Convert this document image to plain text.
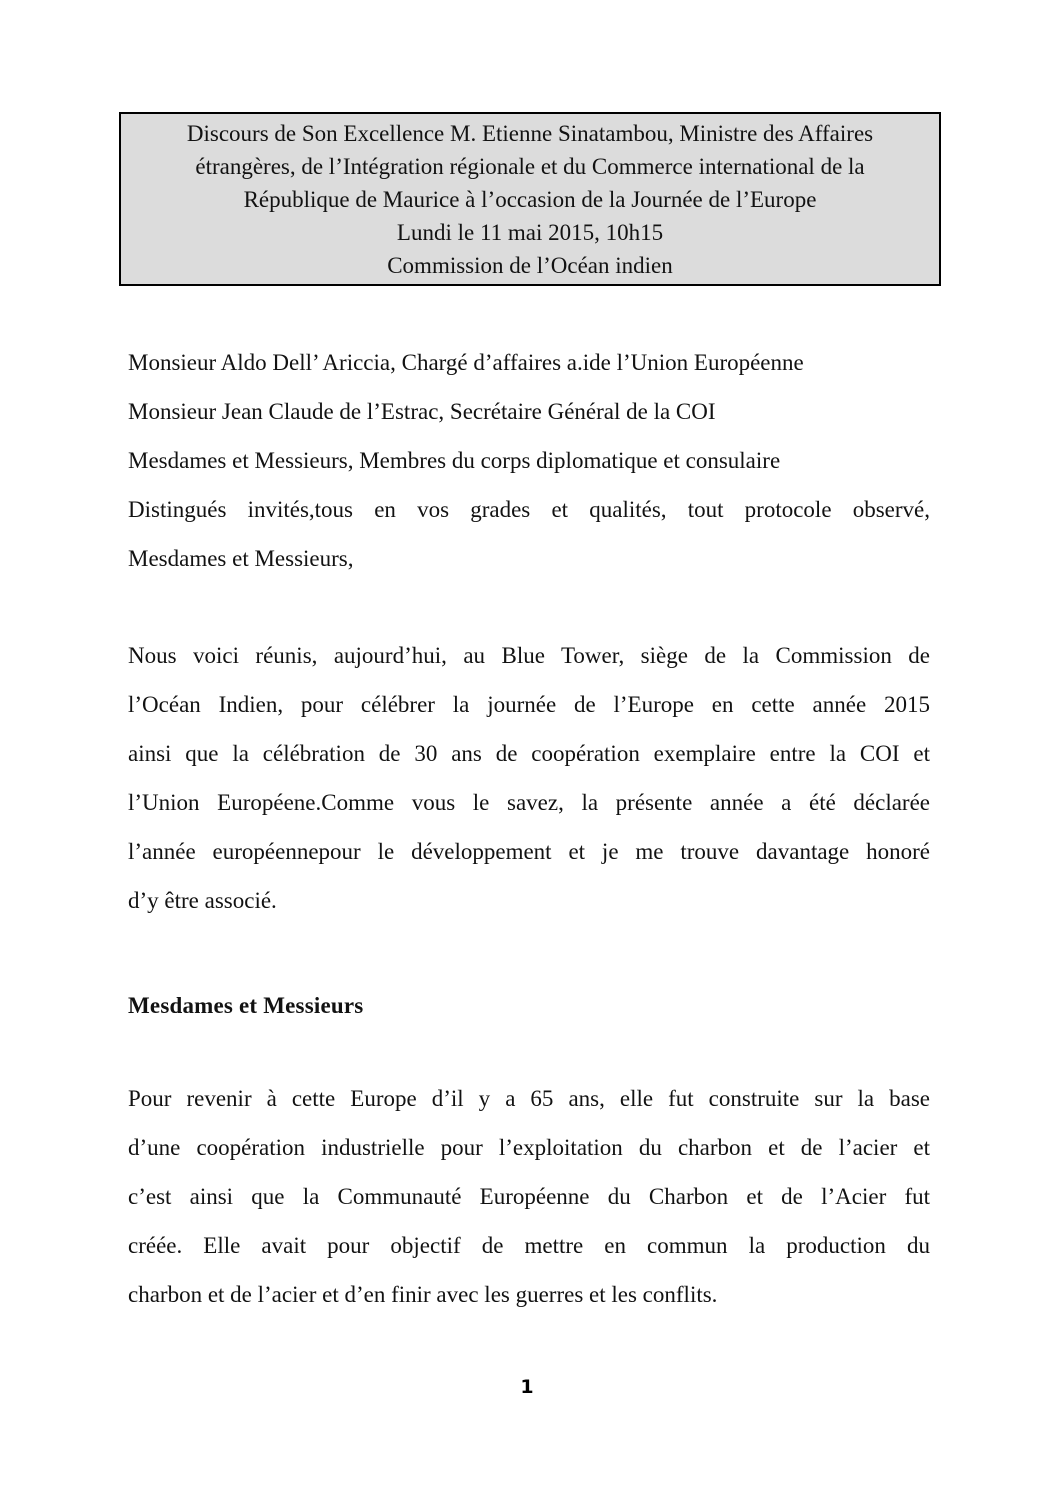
Discours de Son Excellence M. Etienne Sinatambou, Ministre des Affaires
étrangères, de l’Intégration régionale et du Commerce international de la
République de Maurice à l’occasion de la Journée de l’Europe
Lundi le 11 mai 2015, 10h15
Commission de l’Océan indien
Monsieur Aldo Dell’ Ariccia, Chargé d’affaires a.ide l’Union Européenne
Monsieur Jean Claude de l’Estrac, Secrétaire Général de la COI
Mesdames et Messieurs, Membres du corps diplomatique et consulaire
Distingués invités,tous en vos grades et qualités, tout protocole observé,
Mesdames et Messieurs,
Nous voici réunis, aujourd’hui, au Blue Tower, siège de la Commission de
l’Océan Indien, pour célébrer la journée de l’Europe en cette année 2015
ainsi que la célébration de 30 ans de coopération exemplaire entre la COI et
l’Union Européene.Comme vous le savez, la présente année a été déclarée
l’année européennepour le développement et je me trouve davantage honoré
d’y être associé.
Mesdames et Messieurs
Pour revenir à cette Europe d’il y a 65 ans, elle fut construite sur la base
d’une coopération industrielle pour l’exploitation du charbon et de l’acier et
c’est ainsi que la Communauté Européenne du Charbon et de l’Acier fut
créée. Elle avait pour objectif de mettre en commun la production du
charbon et de l’acier et d’en finir avec les guerres et les conflits.
1
